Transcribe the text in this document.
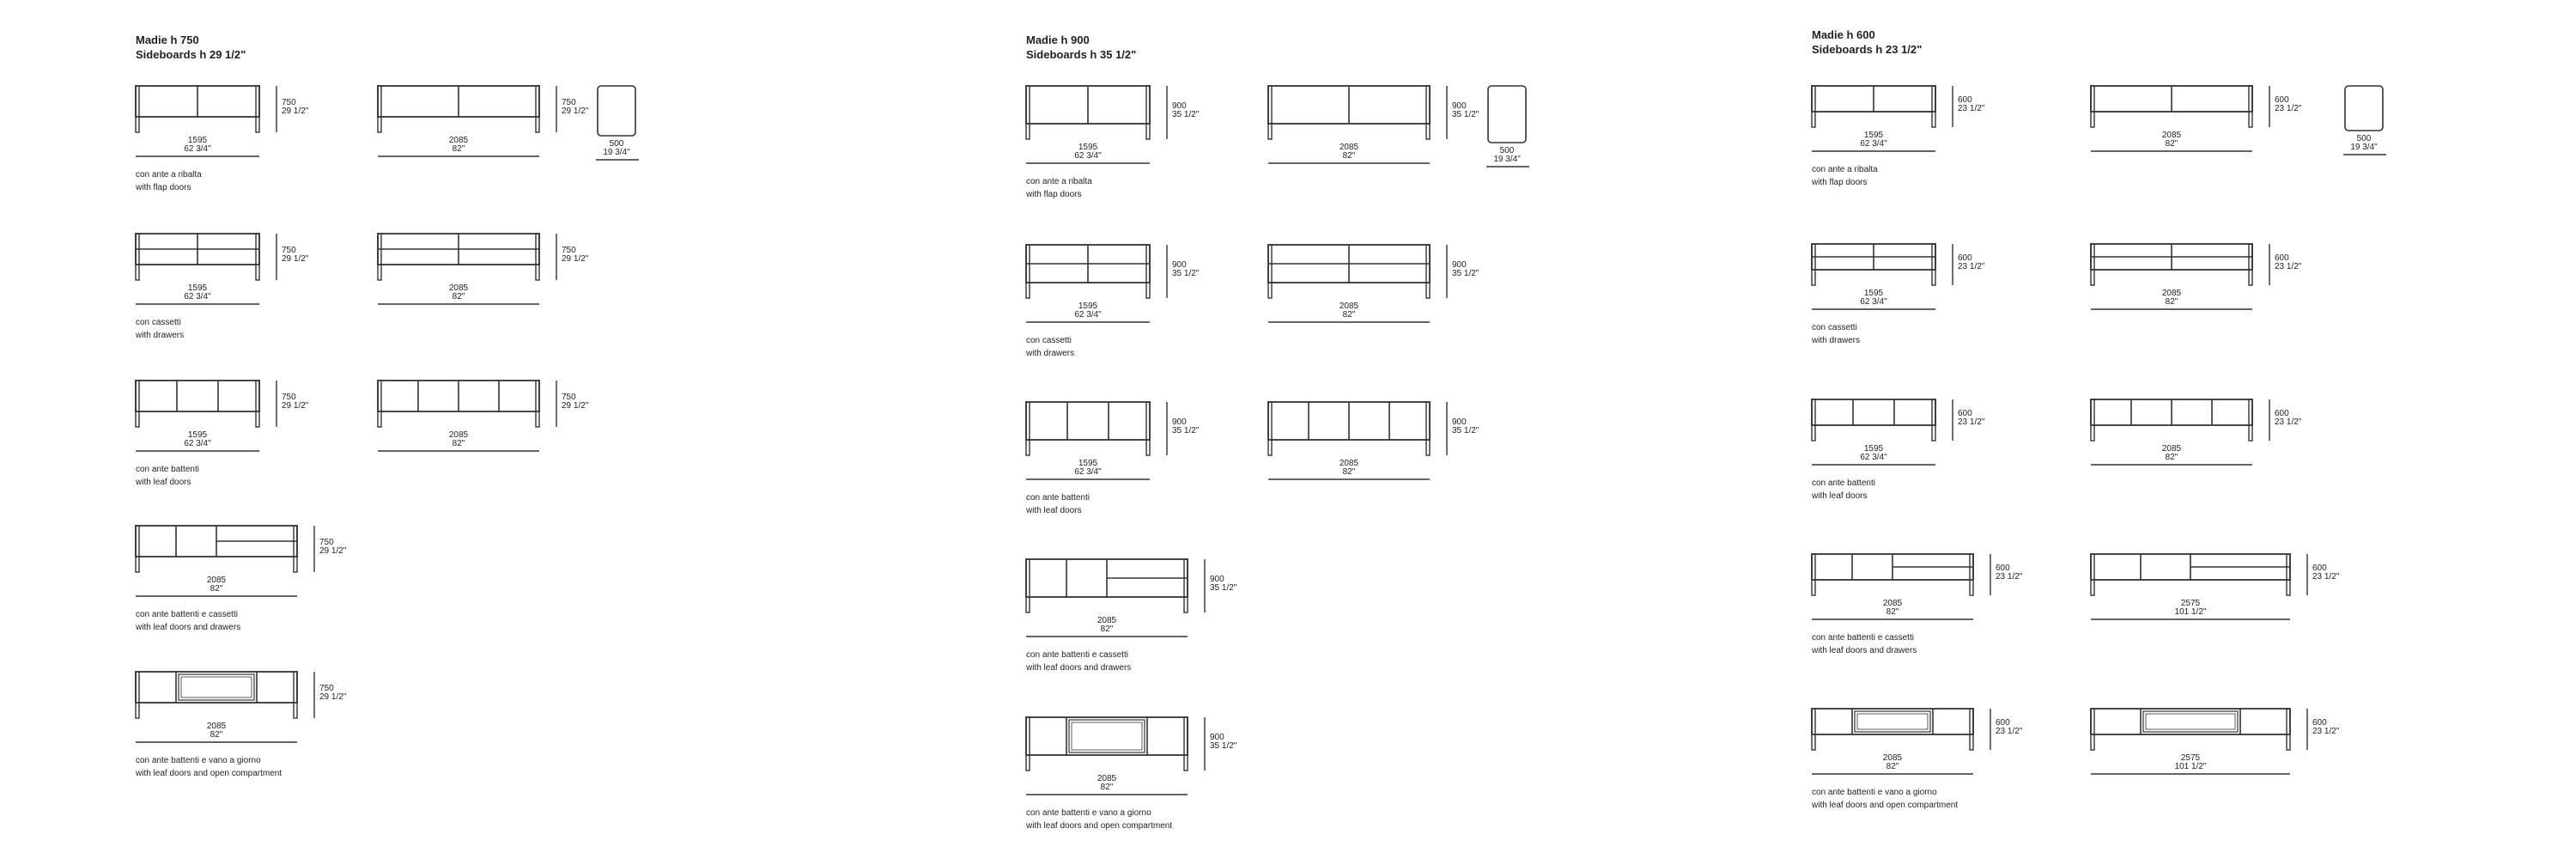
Madie h 750
Sideboards h 29 1/2"
1595
62 3/4"
750
29 1/2"
2085
82"
750
29 1/2"
500
19 3/4"
con ante a ribalta
with flap doors
1595
62 3/4"
750
29 1/2"
2085
82"
750
29 1/2"
con cassetti
with drawers
1595
62 3/4"
750
29 1/2"
2085
82"
750
29 1/2"
con ante battenti
with leaf doors
2085
82"
750
29 1/2"
con ante battenti e cassetti
with leaf doors and drawers
2085
82"
750
29 1/2"
con ante battenti e vano a giorno
with leaf doors and open compartment
Madie h 900
Sideboards h 35 1/2"
1595
62 3/4"
900
35 1/2"
2085
82"
900
35 1/2"
500
19 3/4"
con ante a ribalta
with flap doors
1595
62 3/4"
900
35 1/2"
2085
82"
900
35 1/2"
con cassetti
with drawers
1595
62 3/4"
900
35 1/2"
2085
82"
900
35 1/2"
con ante battenti
with leaf doors
2085
82"
900
35 1/2"
con ante battenti e cassetti
with leaf doors and drawers
2085
82"
900
35 1/2"
con ante battenti e vano a giorno
with leaf doors and open compartment
Madie h 600
Sideboards h 23 1/2"
1595
62 3/4"
600
23 1/2"
2085
82"
600
23 1/2"
500
19 3/4"
con ante a ribalta
with flap doors
1595
62 3/4"
600
23 1/2"
2085
82"
600
23 1/2"
con cassetti
with drawers
1595
62 3/4"
600
23 1/2"
2085
82"
600
23 1/2"
con ante battenti
with leaf doors
2085
82"
600
23 1/2"
2575
101 1/2"
600
23 1/2"
con ante battenti e cassetti
with leaf doors and drawers
2085
82"
600
23 1/2"
2575
101 1/2"
600
23 1/2"
con ante battenti e vano a giorno
with leaf doors and open compartment
